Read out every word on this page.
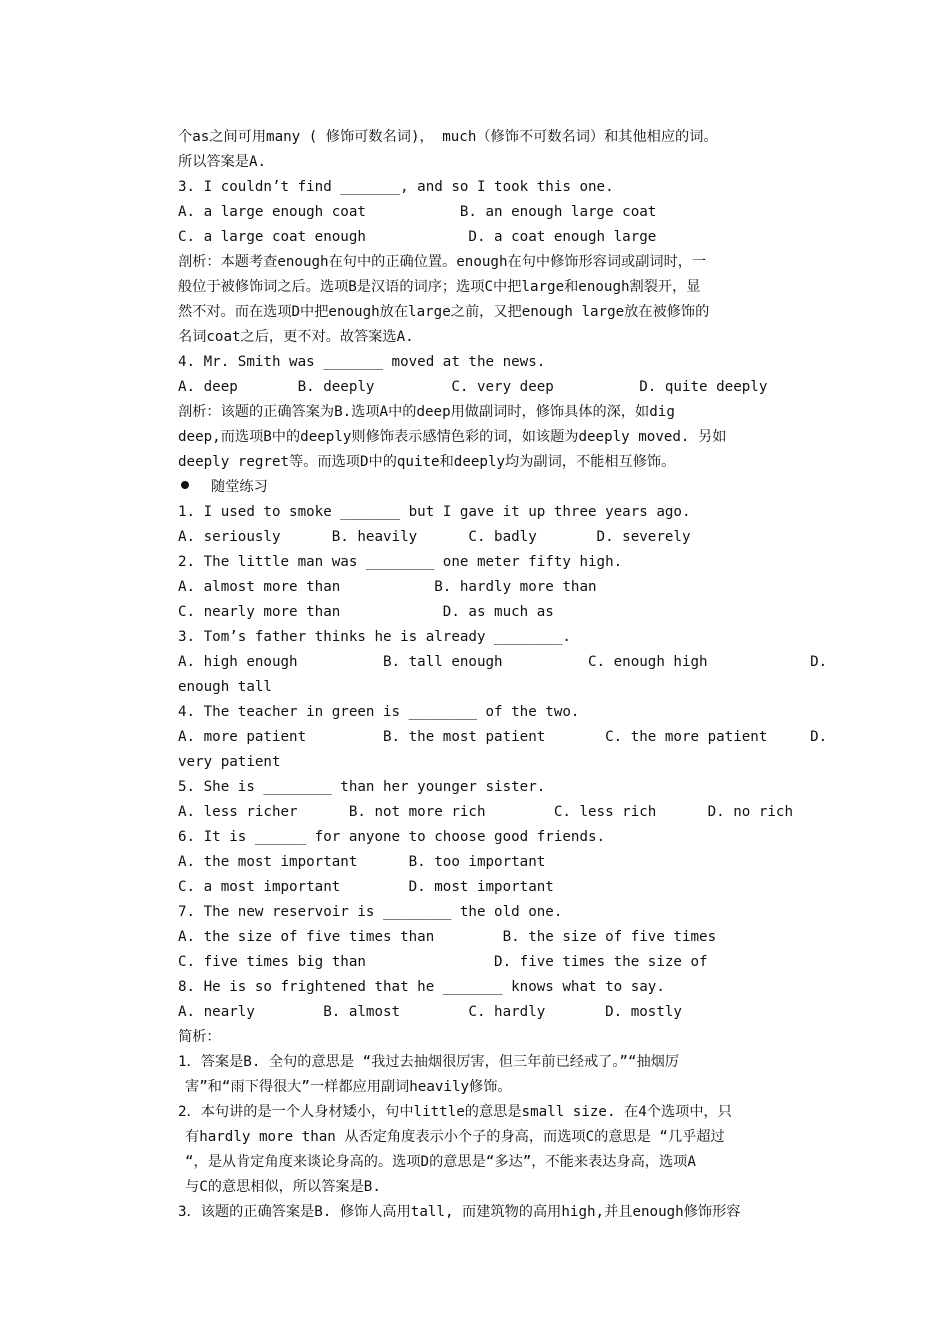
个as之间可用many ( 修饰可数名词)， much（修饰不可数名词）和其他相应的词。
所以答案是A.
3. I couldn’t find _______, and so I took this one.
A. a large enough coat           B. an enough large coat
C. a large coat enough            D. a coat enough large
剖析：本题考查enough在句中的正确位置。enough在句中修饰形容词或副词时，一
般位于被修饰词之后。选项B是汉语的词序；选项C中把large和enough割裂开，显
然不对。而在选项D中把enough放在large之前，又把enough large放在被修饰的
名词coat之后，更不对。故答案选A.
4. Mr. Smith was _______ moved at the news.
A. deep       B. deeply         C. very deep          D. quite deeply
剖析：该题的正确答案为B.选项A中的deep用做副词时，修饰具体的深，如dig
deep,而选项B中的deeply则修饰表示感情色彩的词，如该题为deeply moved. 另如
deeply regret等。而选项D中的quite和deeply均为副词，不能相互修饰。
随堂练习
1. I used to smoke _______ but I gave it up three years ago.
A. seriously      B. heavily      C. badly       D. severely
2. The little man was ________ one meter fifty high.
A. almost more than           B. hardly more than
C. nearly more than            D. as much as
3. Tom’s father thinks he is already ________.
A. high enough          B. tall enough          C. enough high            D.
enough tall
4. The teacher in green is ________ of the two.
A. more patient         B. the most patient       C. the more patient     D.
very patient
5. She is ________ than her younger sister.
A. less richer      B. not more rich        C. less rich      D. no rich
6. It is ______ for anyone to choose good friends.
A. the most important      B. too important
C. a most important        D. most important
7. The new reservoir is ________ the old one.
A. the size of five times than        B. the size of five times
C. five times big than               D. five times the size of
8. He is so frightened that he _______ knows what to say.
A. nearly        B. almost        C. hardly       D. mostly
简析：
1．答案是B. 全句的意思是 “我过去抽烟很厉害，但三年前已经戒了。”“抽烟厉
害”和“雨下得很大”一样都应用副词heavily修饰。
2．本句讲的是一个人身材矮小，句中little的意思是small size. 在4个选项中，只
有hardly more than 从否定角度表示小个子的身高，而选项C的意思是 “几乎超过
“，是从肯定角度来谈论身高的。选项D的意思是“多达”，不能来表达身高，选项A
与C的意思相似，所以答案是B.
3．该题的正确答案是B. 修饰人高用tall, 而建筑物的高用high,并且enough修饰形容
